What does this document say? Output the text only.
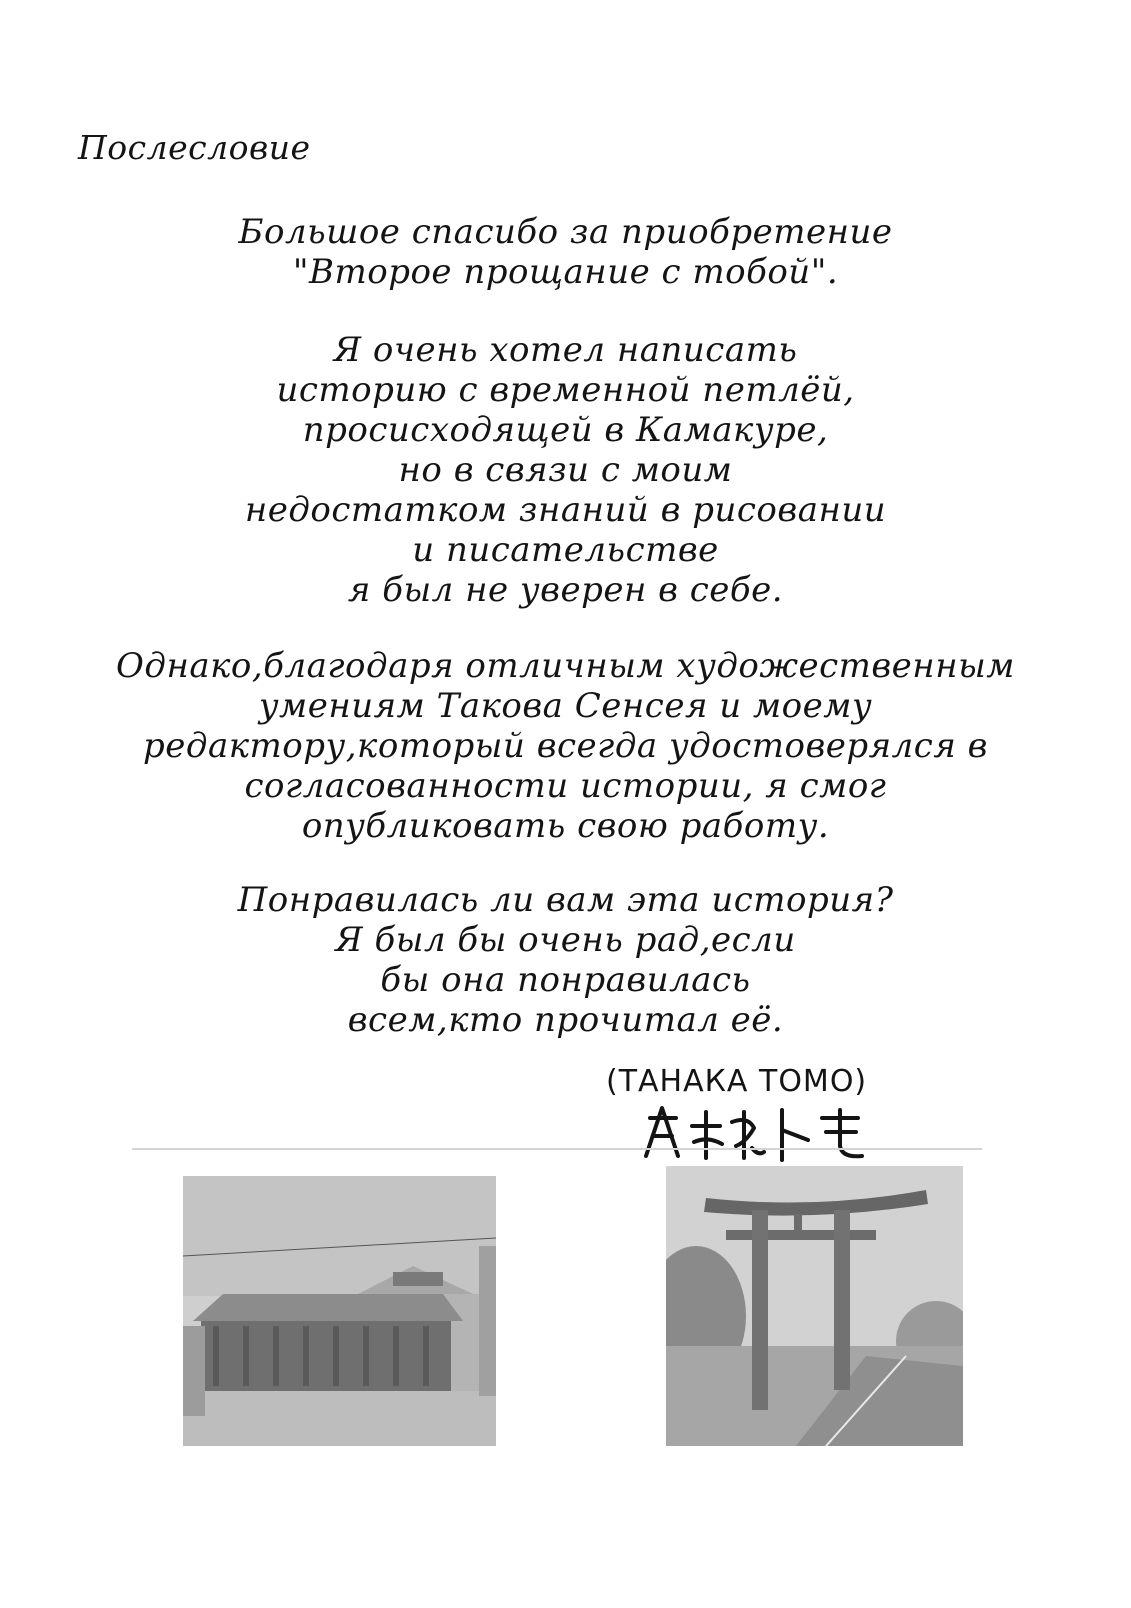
Послесловие
Большое спасибо за приобретение
"Второе прощание с тобой".
Я очень хотел написать
историю с временной петлёй,
просисходящей в Камакуре,
но в связи с моим
недостатком знаний в рисовании
и писательстве
я был не уверен в себе.
Однако,благодаря отличным художественным
умениям Такова Сенсея и моему
редактору,который всегда удостоверялся в
согласованности истории, я смог
опубликовать свою работу.
Понравилась ли вам эта история?
Я был бы очень рад,если
бы она понравилась
всем,кто прочитал её.
(ТАНАКА ТОМО)
